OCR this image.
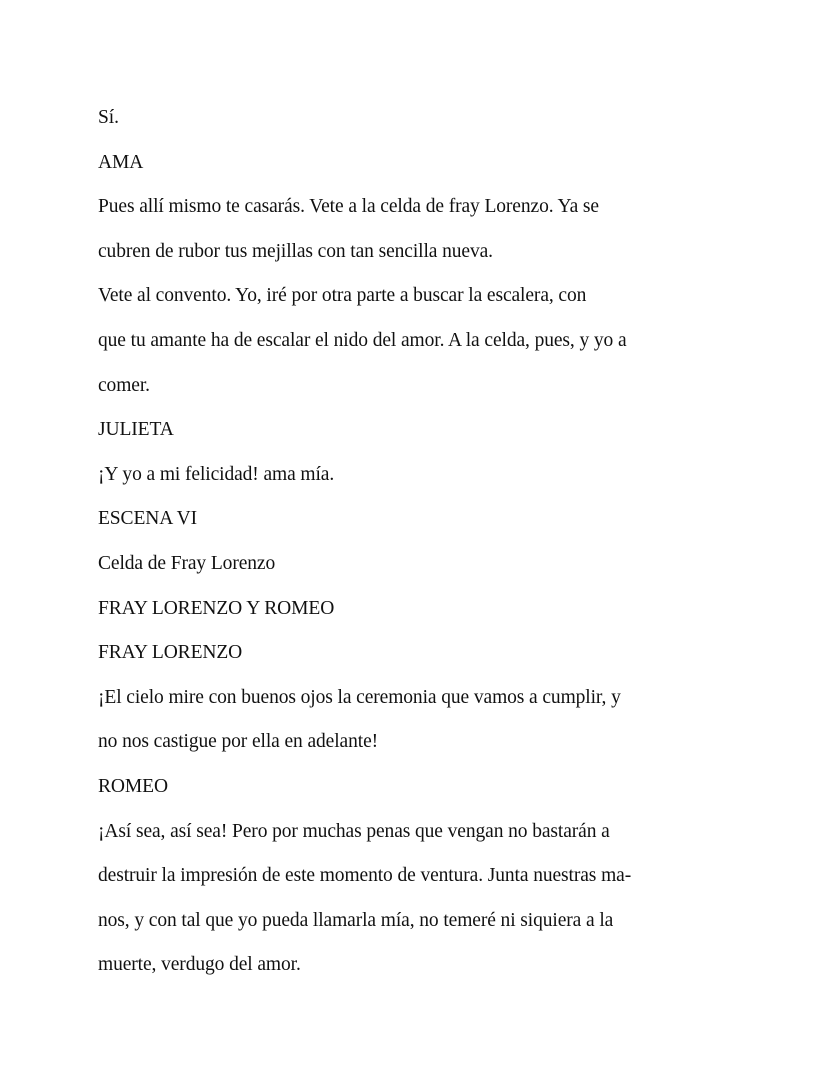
Sí.
AMA
Pues allí mismo te casarás. Vete a la celda de fray Lorenzo. Ya se
cubren de rubor tus mejillas con tan sencilla nueva.
Vete al convento. Yo, iré por otra parte a buscar la escalera, con
que tu amante ha de escalar el nido del amor. A la celda, pues, y yo a
comer.
JULIETA
¡Y yo a mi felicidad! ama mía.
ESCENA VI
Celda de Fray Lorenzo
FRAY LORENZO Y ROMEO
FRAY LORENZO
¡El cielo mire con buenos ojos la ceremonia que vamos a cumplir, y
no nos castigue por ella en adelante!
ROMEO
¡Así sea, así sea! Pero por muchas penas que vengan no bastarán a
destruir la impresión de este momento de ventura. Junta nuestras ma-
nos, y con tal que yo pueda llamarla mía, no temeré ni siquiera a la
muerte, verdugo del amor.
